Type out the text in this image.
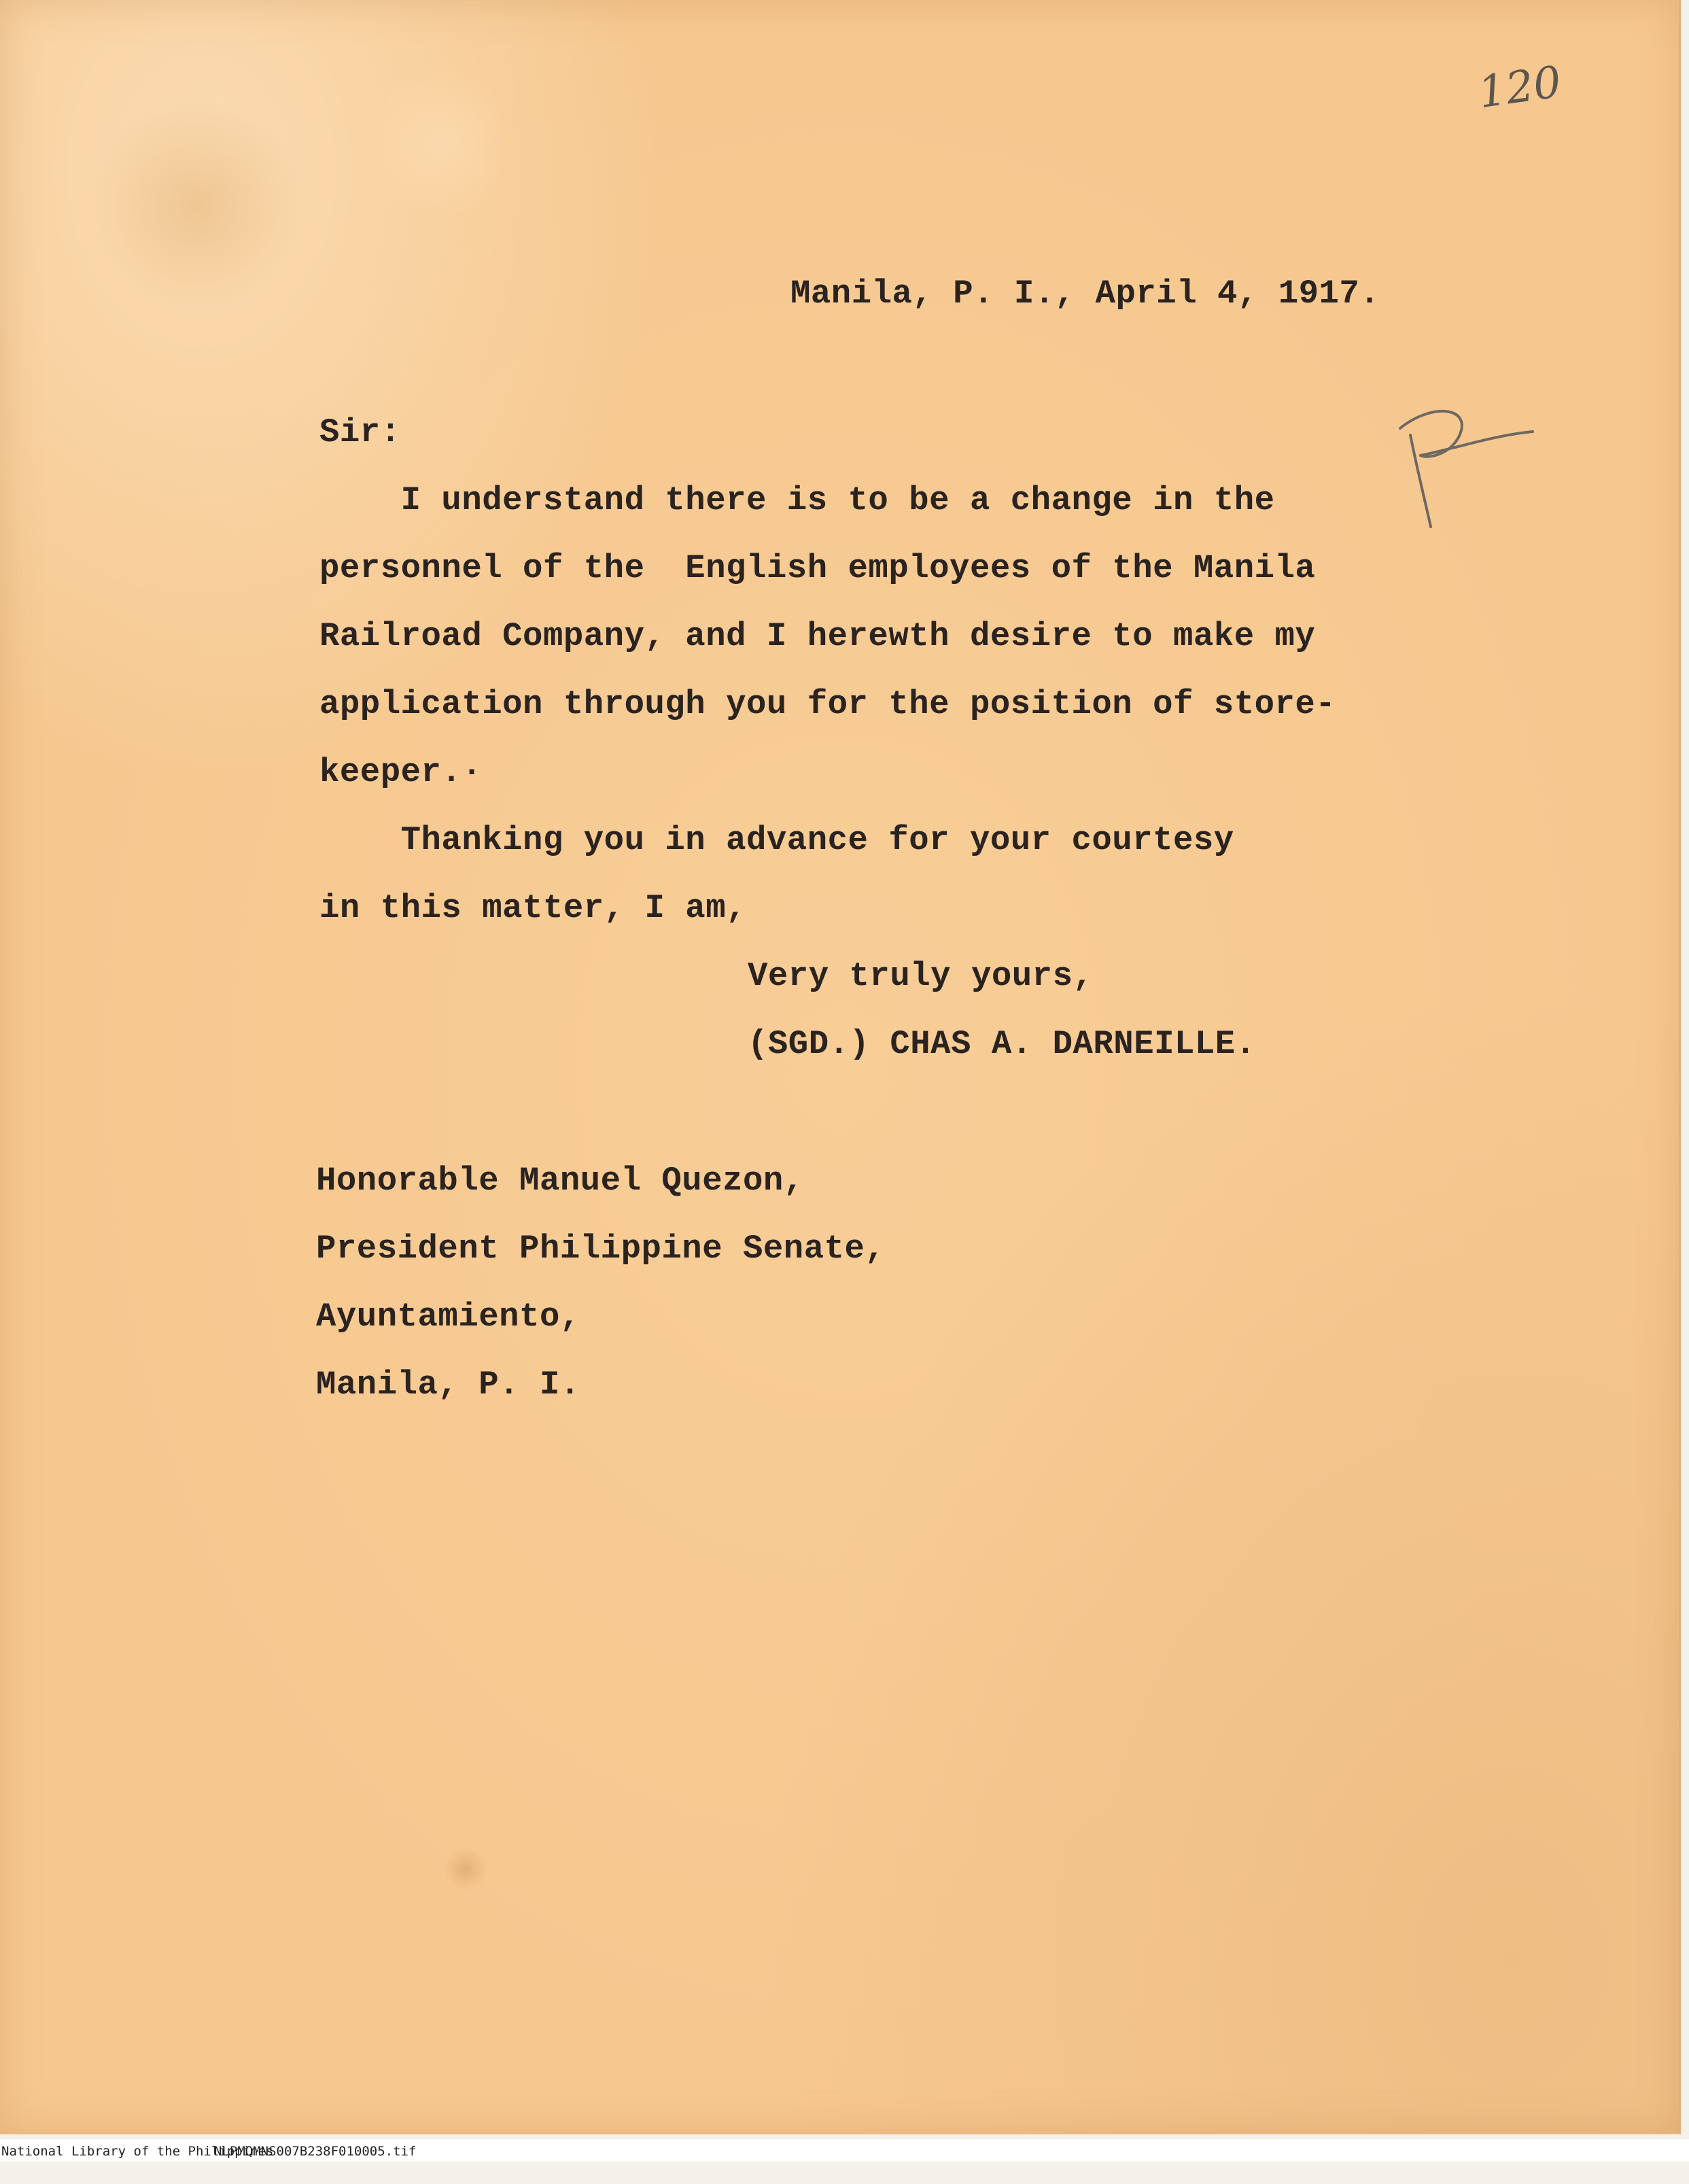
120

Manila, P. I., April 4, 1917.

Sir:

I understand there is to be a change in the

personnel of the  English employees of the Manila

Railroad Company, and I herewth desire to make my

application through you for the position of store-

keeper.·

Thanking you in advance for your courtesy

in this matter, I am,

Very truly yours,

(SGD.) CHAS A. DARNEILLE.

Honorable Manuel Quezon,

President Philippine Senate,

Ayuntamiento,

Manila, P. I.

National Library of the Philippines

NLPMQMNS007B238F010005.tif
